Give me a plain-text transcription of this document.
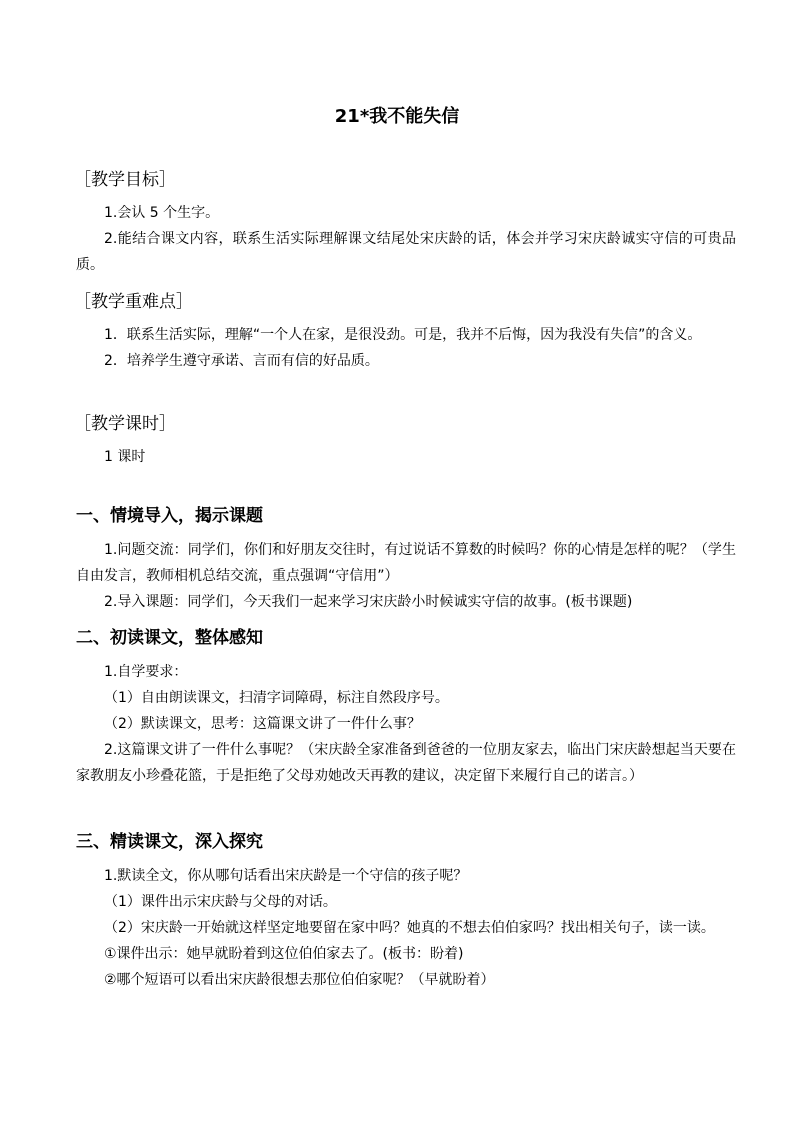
21*我不能失信
［教学目标］

1.会认 5 个生字。

2.能结合课文内容，联系生活实际理解课文结尾处宋庆龄的话，体会并学习宋庆龄诚实守信的可贵品质。

［教学重难点］

1．联系生活实际，理解“一个人在家，是很没劲。可是，我并不后悔，因为我没有失信”的含义。

2．培养学生遵守承诺、言而有信的好品质。

［教学课时］

1 课时

一、情境导入，揭示课题

1.问题交流：同学们，你们和好朋友交往时，有过说话不算数的时候吗？你的心情是怎样的呢？（学生自由发言，教师相机总结交流，重点强调“守信用”）

2.导入课题：同学们，今天我们一起来学习宋庆龄小时候诚实守信的故事。(板书课题)

二、初读课文，整体感知

1.自学要求：

（1）自由朗读课文，扫清字词障碍，标注自然段序号。

（2）默读课文，思考：这篇课文讲了一件什么事？

2.这篇课文讲了一件什么事呢？（宋庆龄全家准备到爸爸的一位朋友家去，临出门宋庆龄想起当天要在家教朋友小珍叠花篮，于是拒绝了父母劝她改天再教的建议，决定留下来履行自己的诺言。）

三、精读课文，深入探究

1.默读全文，你从哪句话看出宋庆龄是一个守信的孩子呢？

（1）课件出示宋庆龄与父母的对话。

（2）宋庆龄一开始就这样坚定地要留在家中吗？她真的不想去伯伯家吗？找出相关句子，读一读。

①课件出示：她早就盼着到这位伯伯家去了。(板书：盼着)

②哪个短语可以看出宋庆龄很想去那位伯伯家呢？（早就盼着）
